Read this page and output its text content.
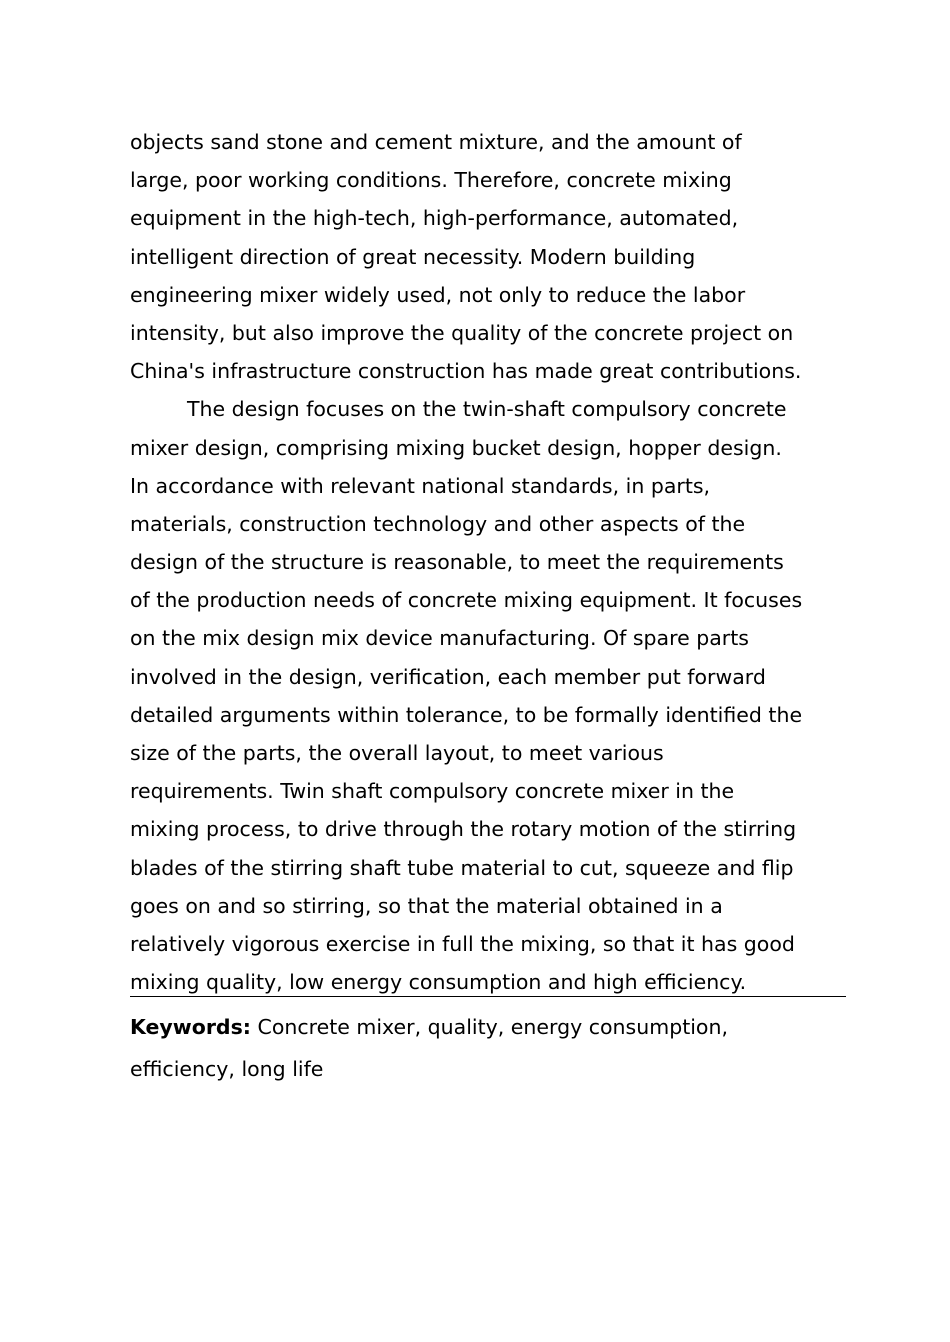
objects sand stone and cement mixture, and the amount of
large, poor working conditions. Therefore, concrete mixing
equipment in the high-tech, high-performance, automated,
intelligent direction of great necessity. Modern building
engineering mixer widely used, not only to reduce the labor
intensity, but also improve the quality of the concrete project on
China's infrastructure construction has made great contributions.
The design focuses on the twin-shaft compulsory concrete
mixer design, comprising mixing bucket design, hopper design.
In accordance with relevant national standards, in parts,
materials, construction technology and other aspects of the
design of the structure is reasonable, to meet the requirements
of the production needs of concrete mixing equipment. It focuses
on the mix design mix device manufacturing. Of spare parts
involved in the design, verification, each member put forward
detailed arguments within tolerance, to be formally identified the
size of the parts, the overall layout, to meet various
requirements. Twin shaft compulsory concrete mixer in the
mixing process, to drive through the rotary motion of the stirring
blades of the stirring shaft tube material to cut, squeeze and flip
goes on and so stirring, so that the material obtained in a
relatively vigorous exercise in full the mixing, so that it has good
mixing quality, low energy consumption and high efficiency.
Keywords: Concrete mixer, quality, energy consumption,
efficiency, long life
